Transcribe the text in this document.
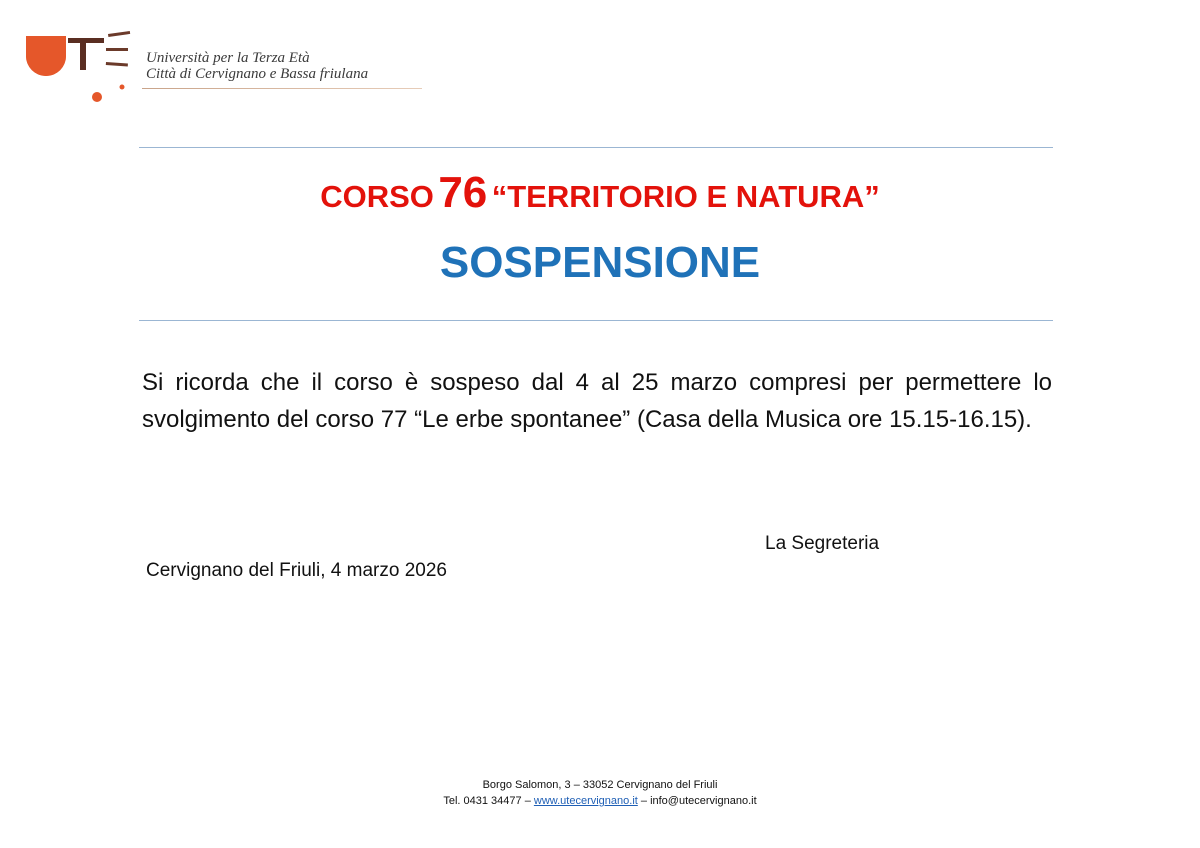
Università per la Terza Età
Città di Cervignano e Bassa friulana
CORSO 76 “TERRITORIO E NATURA”
SOSPENSIONE
Si ricorda che il corso è sospeso dal 4 al 25 marzo compresi per permettere lo svolgimento del corso 77 “Le erbe spontanee” (Casa della Musica ore 15.15-16.15).
La Segreteria
Cervignano del Friuli, 4 marzo 2026
Borgo Salomon, 3 – 33052 Cervignano del Friuli
Tel. 0431 34477 – www.utecervignano.it – info@utecervignano.it
